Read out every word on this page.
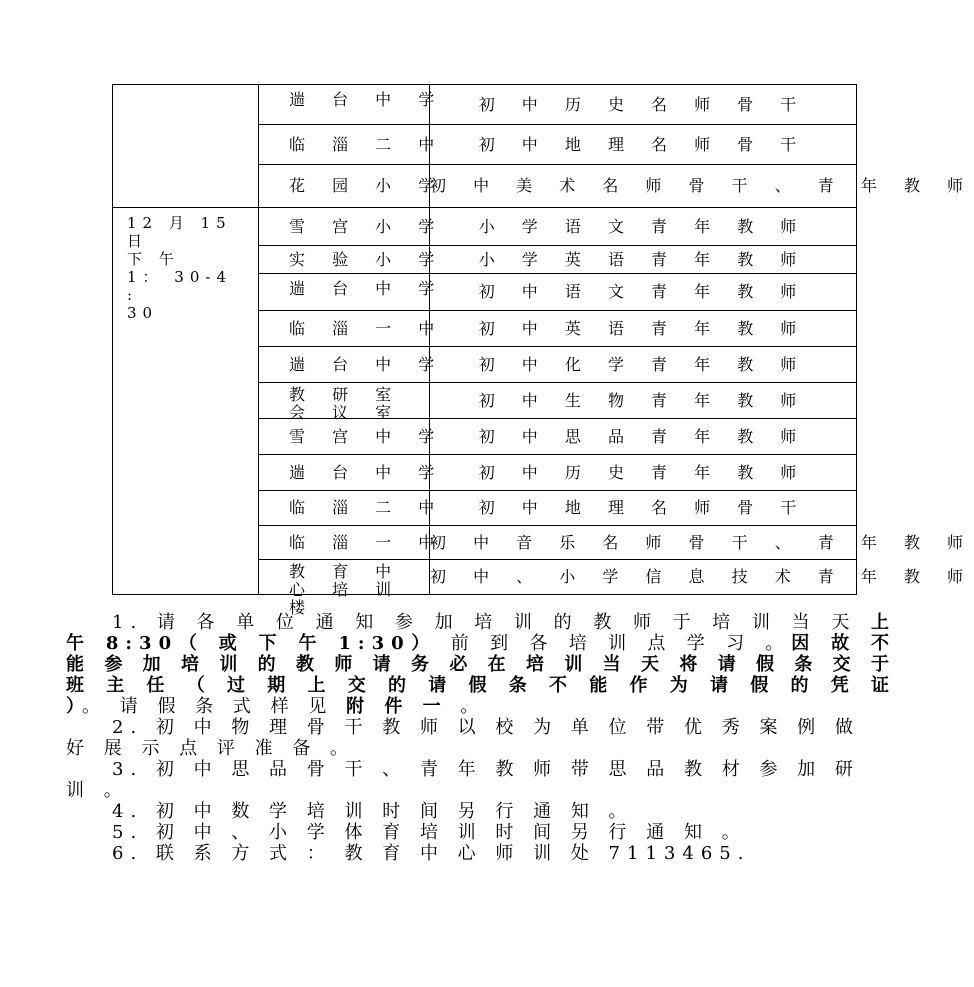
	遄 台 中 学	初 中 历 史 名 师 骨 干
	临 淄 二 中	初 中 地 理 名 师 骨 干
	花 园 小 学	初 中 美 术 名 师 骨 干 、 青 年 教 师

12 月 15 日
下 午
1： 30-4 :
30	雪 宫 小 学	小 学 语 文 青 年 教 师
	实 验 小 学	小 学 英 语 青 年 教 师
	遄 台 中 学	初 中 语 文 青 年 教 师
	临 淄 一 中	初 中 英 语 青 年 教 师
	遄 台 中 学	初 中 化 学 青 年 教 师

	教 研 室 会 议 室	初 中 生 物 青 年 教 师
	雪 宫 中 学	初 中 思 品 青 年 教 师
	遄 台 中 学	初 中 历 史 青 年 教 师
	临 淄 二 中	初 中 地 理 名 师 骨 干
	临 淄 一 中	初 中 音 乐 名 师 骨 干 、 青 年 教 师

	教 育 中 心 培 训 楼	初 中 、 小 学 信 息 技 术 青 年 教 师

1. 请 各 单 位 通 知 参 加 培 训 的 教 师 于 培 训 当 天 上 午 8:30（ 或 下 午 1:30） 前 到 各 培 训 点 学 习 。因 故 不 能 参 加 培 训 的 教 师 请 务 必 在 培 训 当 天 将 请 假 条 交 于 班 主 任 （ 过 期 上 交 的 请 假 条 不 能 作 为 请 假 的 凭 证 ）。 请 假 条 式 样 见 附 件 一 。

2. 初 中 物 理 骨 干 教 师 以 校 为 单 位 带 优 秀 案 例 做 好 展 示 点 评 准 备 。

3. 初 中 思 品 骨 干 、 青 年 教 师 带 思 品 教 材 参 加 研 训 。

4. 初 中 数 学 培 训 时 间 另 行 通 知 。

5. 初 中 、 小 学 体 育 培 训 时 间 另 行 通 知 。

6. 联 系 方 式 ： 教 育 中 心 师 训 处 7113465.
